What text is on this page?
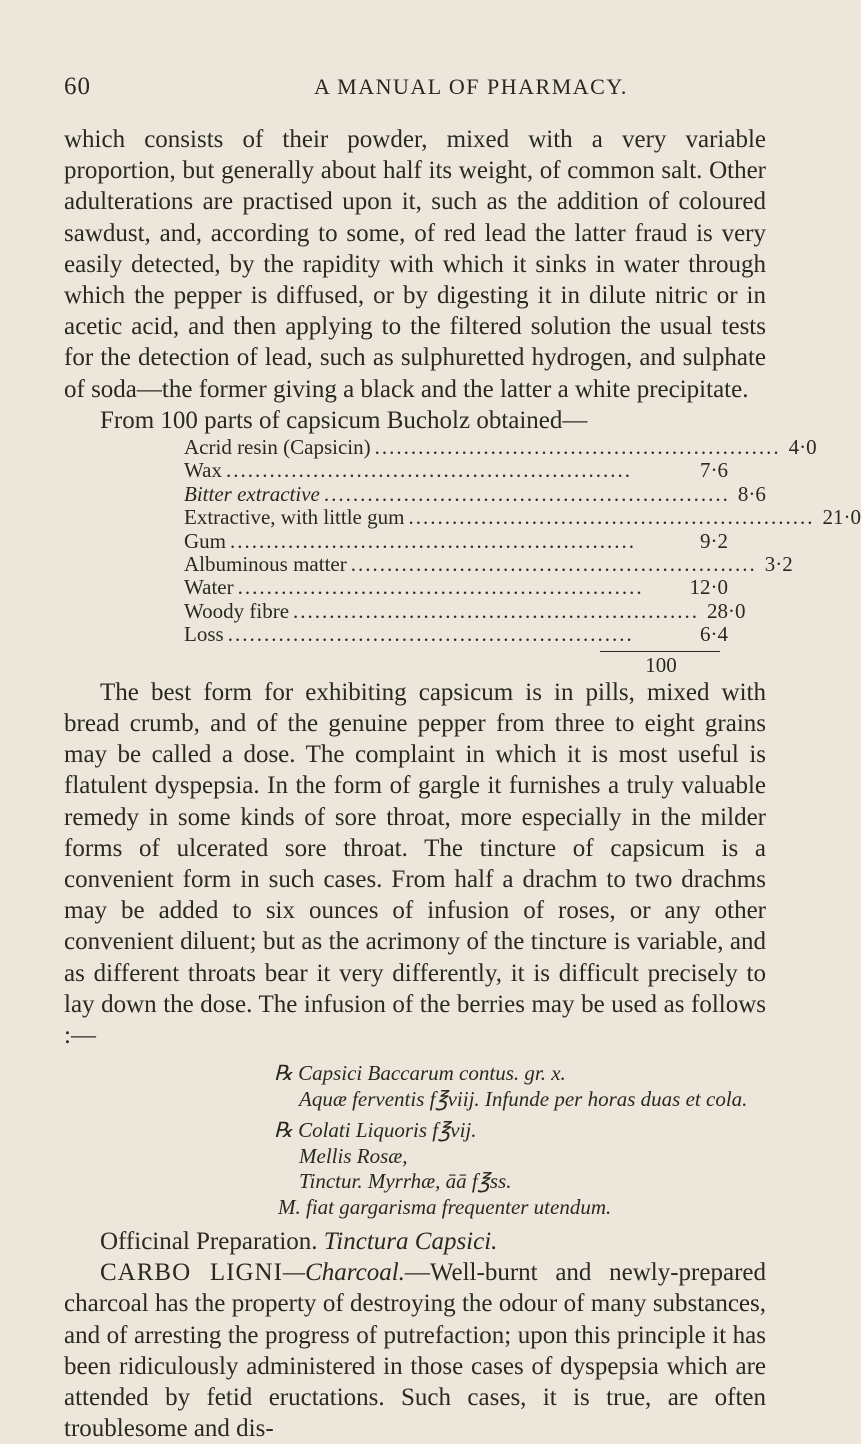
60	A MANUAL OF PHARMACY.

which consists of their powder, mixed with a very variable proportion, but generally about half its weight, of common salt. Other adulterations are practised upon it, such as the addition of coloured sawdust, and, according to some, of red lead the latter fraud is very easily detected, by the rapidity with which it sinks in water through which the pepper is diffused, or by digesting it in dilute nitric or in acetic acid, and then applying to the filtered solution the usual tests for the detection of lead, such as sulphuretted hydrogen, and sulphate of soda—the former giving a black and the latter a white precipitate.

From 100 parts of capsicum Bucholz obtained—

Acrid resin (Capsicin) ........................................................ 4·0
Wax ........................................................	7·6
Bitter extractive ........................................................ 8·6
Extractive, with little gum ........................................................ 21·0
Gum ........................................................	9·2
Albuminous matter ........................................................ 3·2
Water ........................................................	12·0
Woody fibre ........................................................ 28·0
Loss ........................................................	6·4
100

The best form for exhibiting capsicum is in pills, mixed with bread crumb, and of the genuine pepper from three to eight grains may be called a dose. The complaint in which it is most useful is flatulent dyspepsia. In the form of gargle it furnishes a truly valuable remedy in some kinds of sore throat, more especially in the milder forms of ulcerated sore throat. The tincture of capsicum is a convenient form in such cases. From half a drachm to two drachms may be added to six ounces of infusion of roses, or any other convenient diluent; but as the acrimony of the tincture is variable, and as different throats bear it very differently, it is difficult precisely to lay down the dose. The infusion of the berries may be used as follows :—

℞ Capsici Baccarum contus. gr. x.
Aquæ ferventis f℥viij. Infunde per horas duas et cola.
℞ Colati Liquoris f℥vij.
Mellis Rosæ,
Tinctur. Myrrhæ, āā f℥ss.
M. fiat gargarisma frequenter utendum.
Officinal Preparation. Tinctura Capsici.

CARBO LIGNI—Charcoal.—Well-burnt and newly-prepared charcoal has the property of destroying the odour of many substances, and of arresting the progress of putrefaction; upon this principle it has been ridiculously administered in those cases of dyspepsia which are attended by fetid eructations. Such cases, it is true, are often troublesome and dis-
